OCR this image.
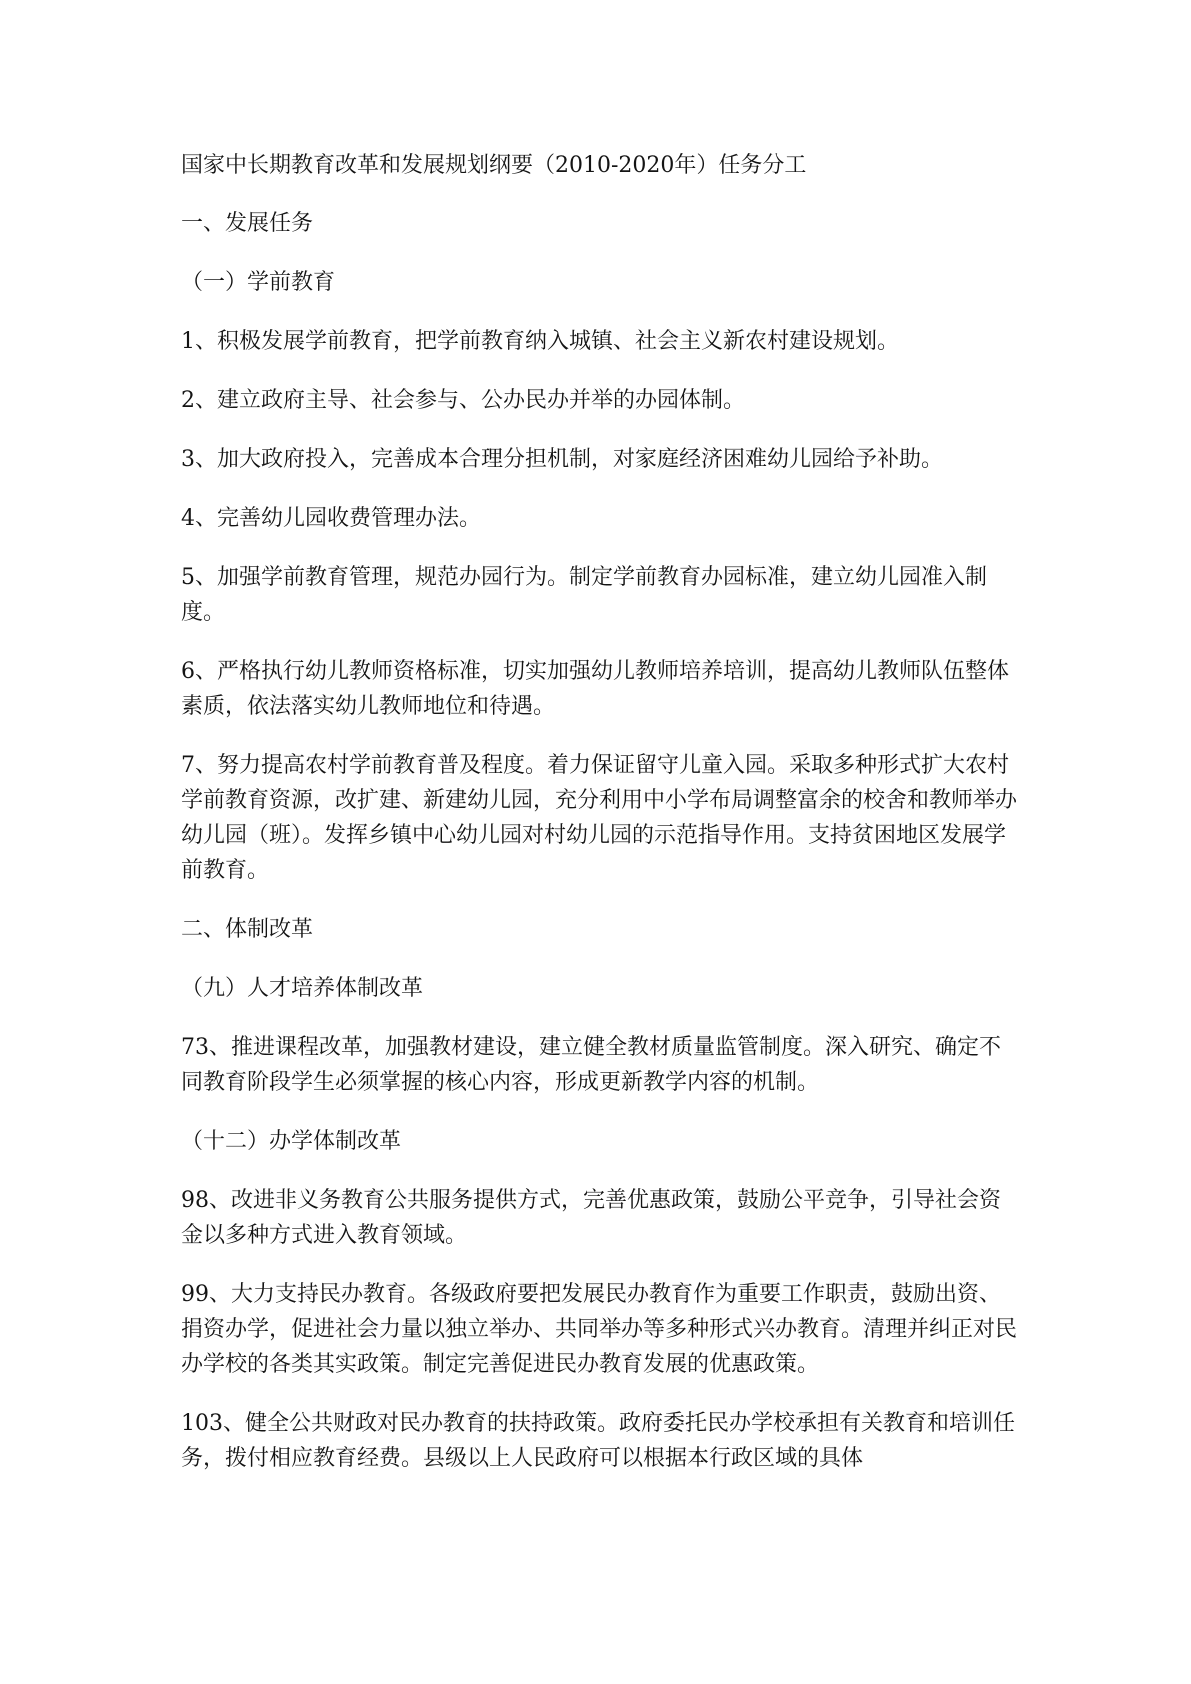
国家中长期教育改革和发展规划纲要（2010-2020年）任务分工

一、发展任务

（一）学前教育

1、积极发展学前教育，把学前教育纳入城镇、社会主义新农村建设规划。

2、建立政府主导、社会参与、公办民办并举的办园体制。

3、加大政府投入，完善成本合理分担机制，对家庭经济困难幼儿园给予补助。

4、完善幼儿园收费管理办法。

5、加强学前教育管理，规范办园行为。制定学前教育办园标准，建立幼儿园准入制度。

6、严格执行幼儿教师资格标准，切实加强幼儿教师培养培训，提高幼儿教师队伍整体素质，依法落实幼儿教师地位和待遇。

7、努力提高农村学前教育普及程度。着力保证留守儿童入园。采取多种形式扩大农村学前教育资源，改扩建、新建幼儿园，充分利用中小学布局调整富余的校舍和教师举办幼儿园（班）。发挥乡镇中心幼儿园对村幼儿园的示范指导作用。支持贫困地区发展学前教育。

二、体制改革

（九）人才培养体制改革

73、推进课程改革，加强教材建设，建立健全教材质量监管制度。深入研究、确定不同教育阶段学生必须掌握的核心内容，形成更新教学内容的机制。

（十二）办学体制改革

98、改进非义务教育公共服务提供方式，完善优惠政策，鼓励公平竞争，引导社会资金以多种方式进入教育领域。

99、大力支持民办教育。各级政府要把发展民办教育作为重要工作职责，鼓励出资、捐资办学，促进社会力量以独立举办、共同举办等多种形式兴办教育。清理并纠正对民办学校的各类其实政策。制定完善促进民办教育发展的优惠政策。

103、健全公共财政对民办教育的扶持政策。政府委托民办学校承担有关教育和培训任务，拨付相应教育经费。县级以上人民政府可以根据本行政区域的具体
